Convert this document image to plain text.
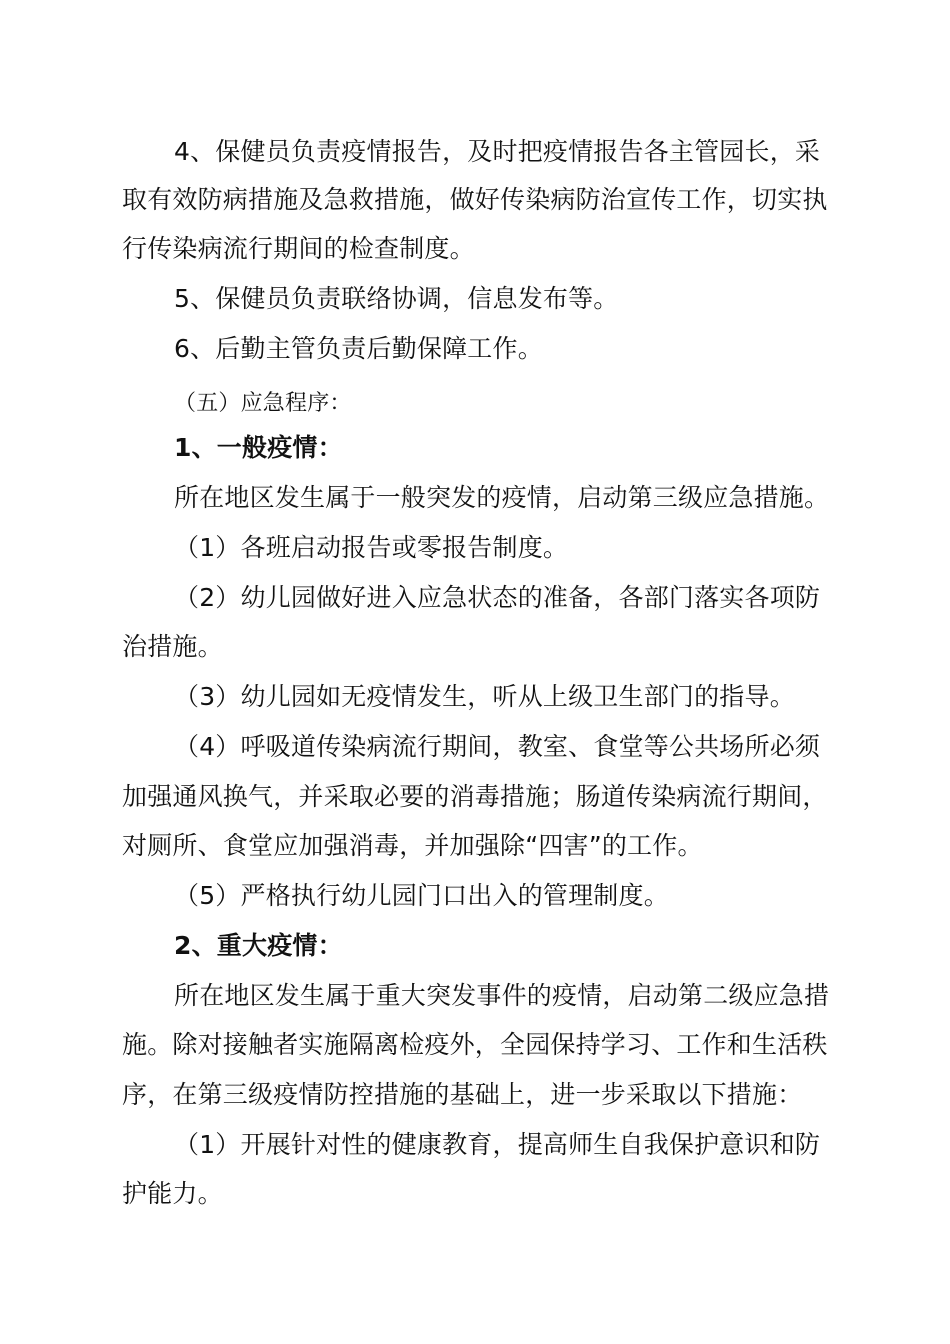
4、保健员负责疫情报告，及时把疫情报告各主管园长，采
取有效防病措施及急救措施，做好传染病防治宣传工作，切实执
行传染病流行期间的检查制度。
5、保健员负责联络协调，信息发布等。
6、后勤主管负责后勤保障工作。
（五）应急程序：
1、一般疫情：
所在地区发生属于一般突发的疫情，启动第三级应急措施。
（1）各班启动报告或零报告制度。
（2）幼儿园做好进入应急状态的准备，各部门落实各项防
治措施。
（3）幼儿园如无疫情发生，听从上级卫生部门的指导。
（4）呼吸道传染病流行期间，教室、食堂等公共场所必须
加强通风换气，并采取必要的消毒措施；肠道传染病流行期间，
对厕所、食堂应加强消毒，并加强除“四害”的工作。
（5）严格执行幼儿园门口出入的管理制度。
2、重大疫情：
所在地区发生属于重大突发事件的疫情，启动第二级应急措
施。除对接触者实施隔离检疫外，全园保持学习、工作和生活秩
序，在第三级疫情防控措施的基础上，进一步采取以下措施：
（1）开展针对性的健康教育，提高师生自我保护意识和防
护能力。
